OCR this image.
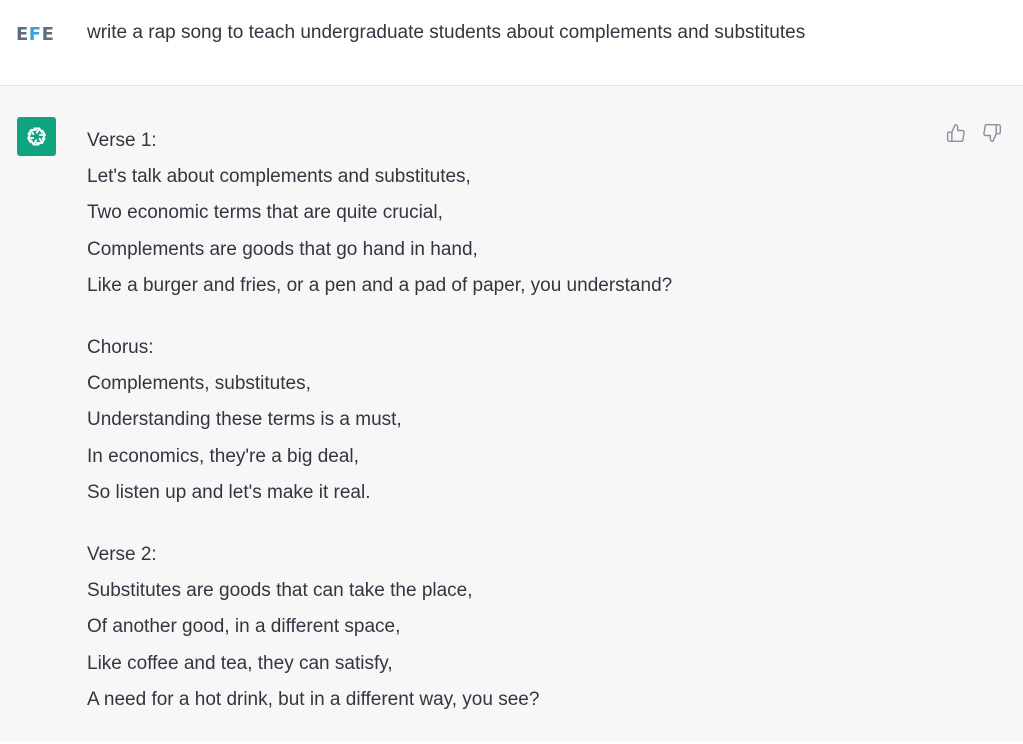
EFE write a rap song to teach undergraduate students about complements and substitutes
Verse 1:
Let's talk about complements and substitutes,
Two economic terms that are quite crucial,
Complements are goods that go hand in hand,
Like a burger and fries, or a pen and a pad of paper, you understand?
Chorus:
Complements, substitutes,
Understanding these terms is a must,
In economics, they're a big deal,
So listen up and let's make it real.
Verse 2:
Substitutes are goods that can take the place,
Of another good, in a different space,
Like coffee and tea, they can satisfy,
A need for a hot drink, but in a different way, you see?
